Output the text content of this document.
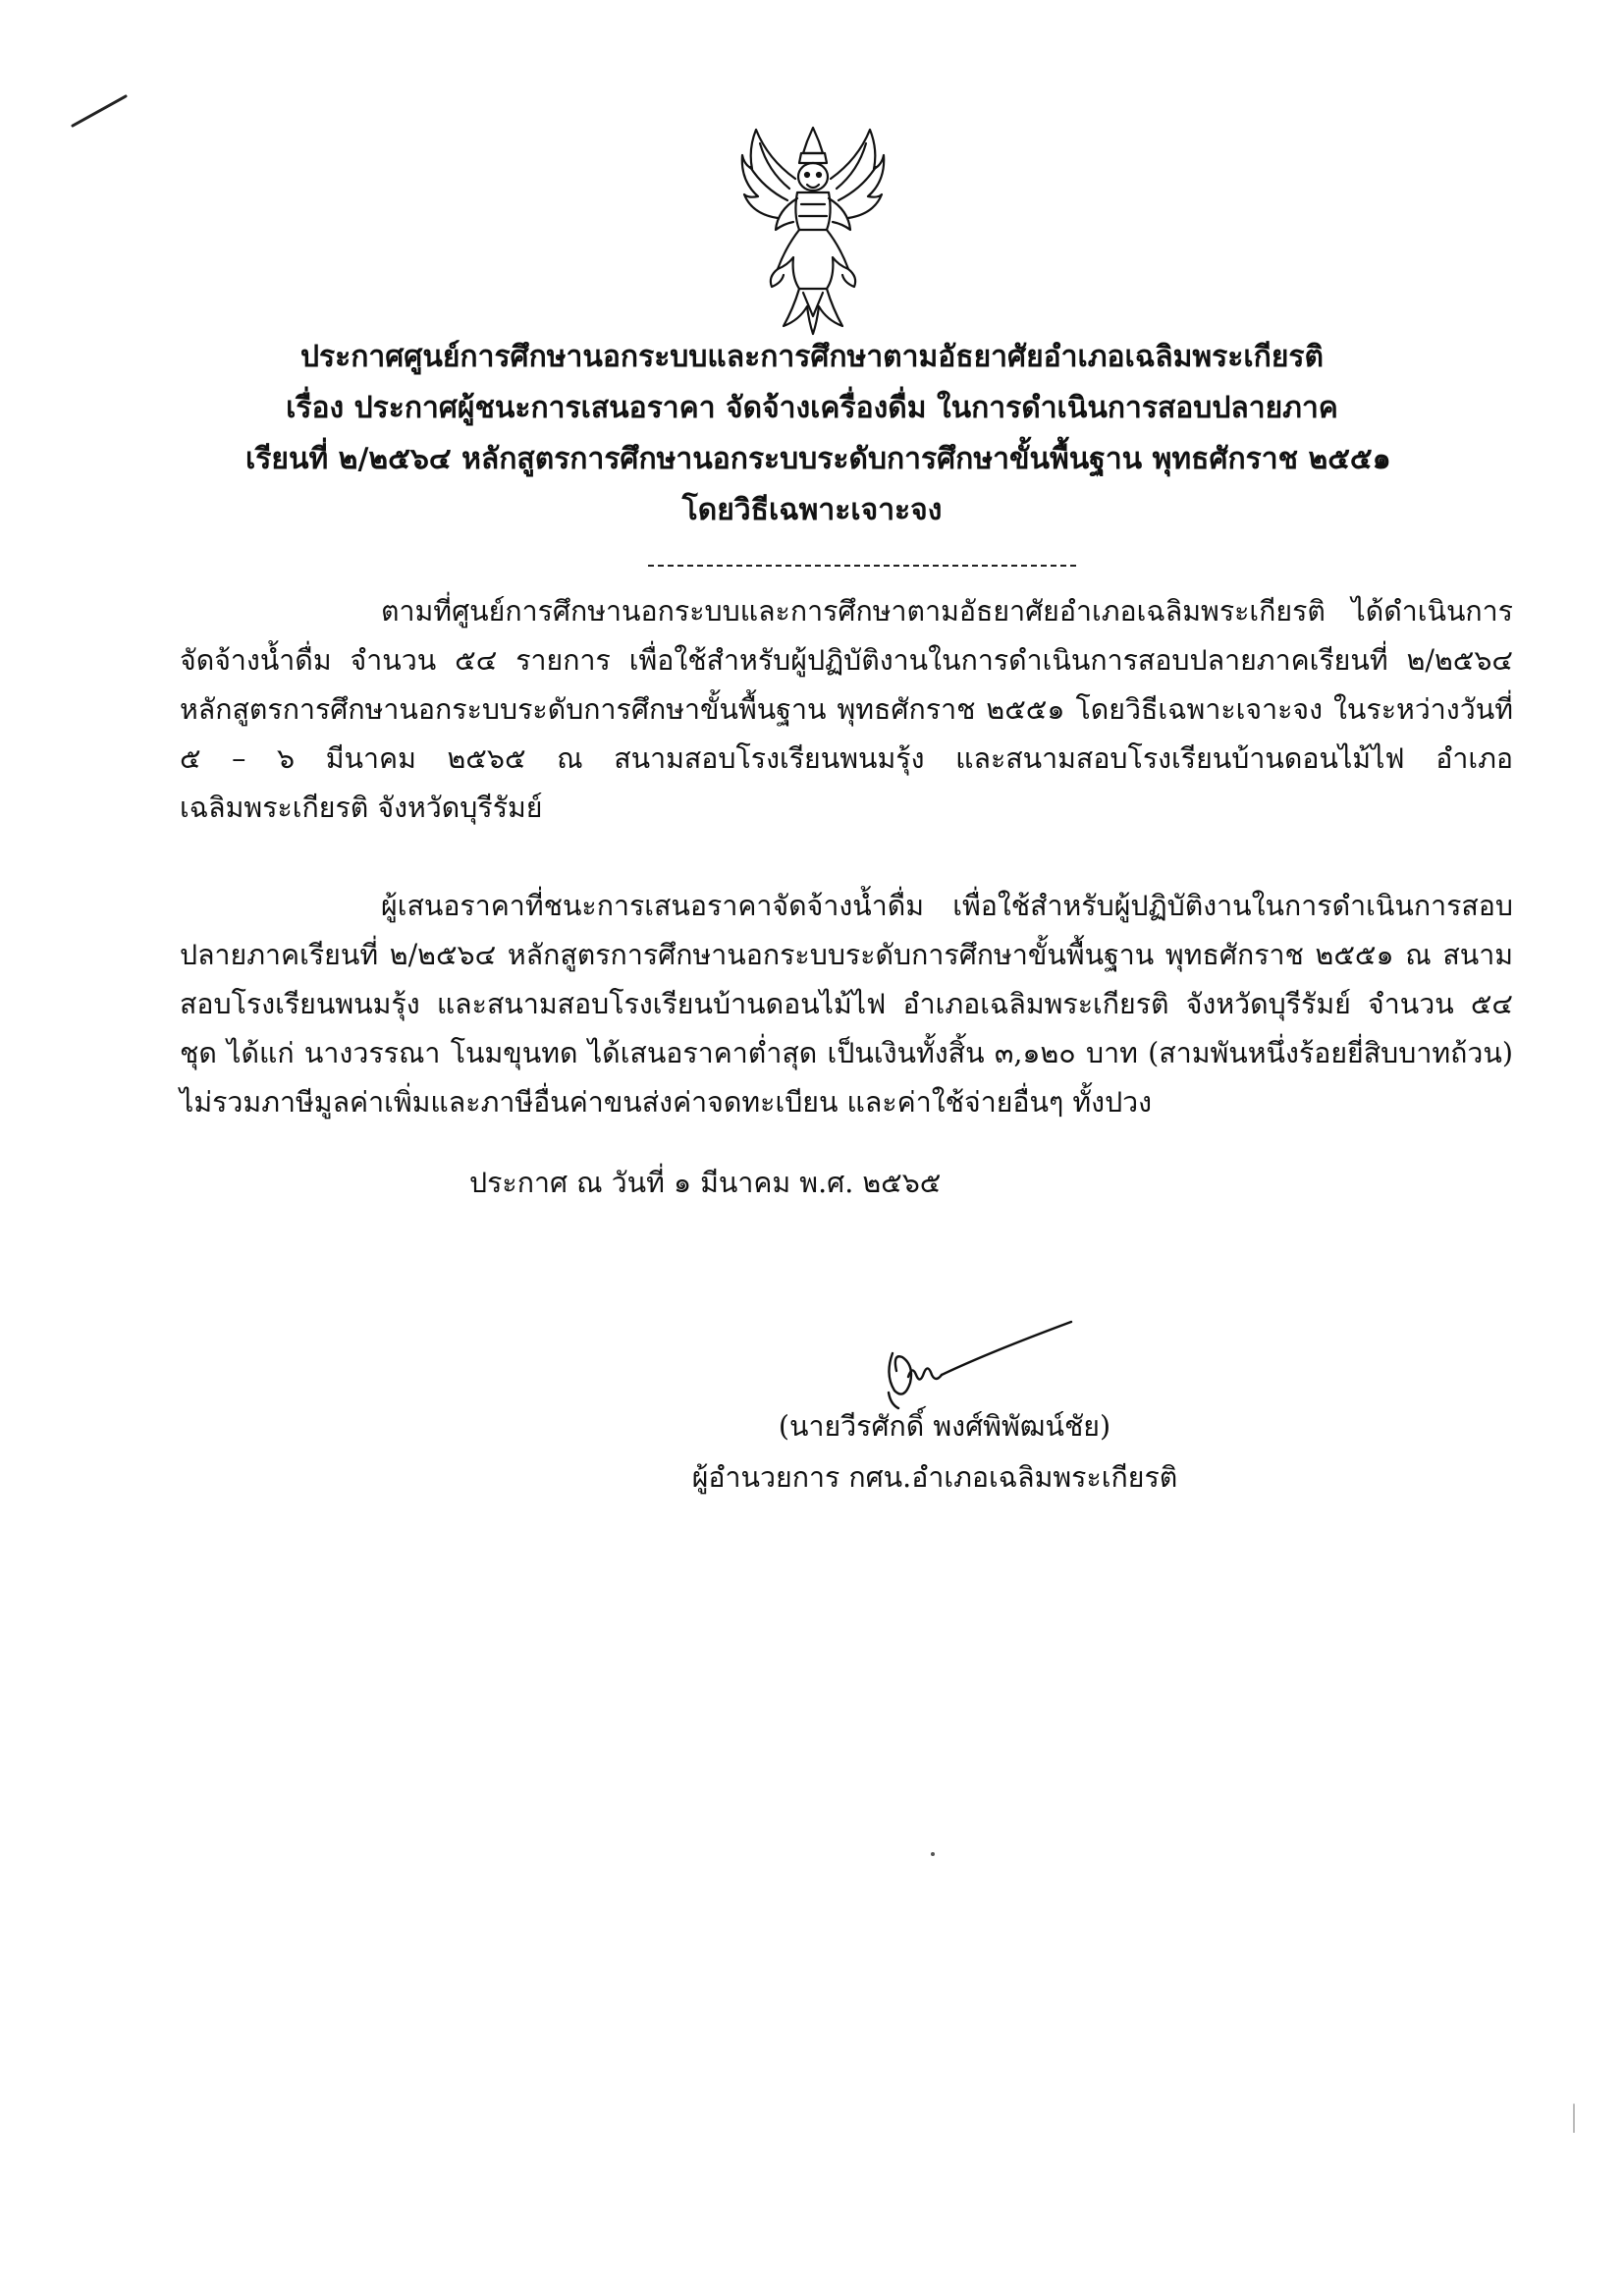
ประกาศศูนย์การศึกษานอกระบบและการศึกษาตามอัธยาศัยอำเภอเฉลิมพระเกียรติ
เรื่อง ประกาศผู้ชนะการเสนอราคา จัดจ้างเครื่องดื่ม ในการดำเนินการสอบปลายภาค
เรียนที่ ๒/๒๕๖๔ หลักสูตรการศึกษานอกระบบระดับการศึกษาขั้นพื้นฐาน พุทธศักราช ๒๕๕๑
โดยวิธีเฉพาะเจาะจง
ตามที่ศูนย์การศึกษานอกระบบและการศึกษาตามอัธยาศัยอำเภอเฉลิมพระเกียรติ ได้ดำเนินการจัดจ้างน้ำดื่ม จำนวน ๕๔ รายการ เพื่อใช้สำหรับผู้ปฏิบัติงานในการดำเนินการสอบปลายภาคเรียนที่ ๒/๒๕๖๔ หลักสูตรการศึกษานอกระบบระดับการศึกษาขั้นพื้นฐาน พุทธศักราช ๒๕๕๑ โดยวิธีเฉพาะเจาะจง ในระหว่างวันที่ ๕ – ๖ มีนาคม ๒๕๖๕ ณ สนามสอบโรงเรียนพนมรุ้ง และสนามสอบโรงเรียนบ้านดอนไม้ไฟ อำเภอเฉลิมพระเกียรติ จังหวัดบุรีรัมย์
ผู้เสนอราคาที่ชนะการเสนอราคาจัดจ้างน้ำดื่ม เพื่อใช้สำหรับผู้ปฏิบัติงานในการดำเนินการสอบปลายภาคเรียนที่ ๒/๒๕๖๔ หลักสูตรการศึกษานอกระบบระดับการศึกษาขั้นพื้นฐาน พุทธศักราช ๒๕๕๑ ณ สนามสอบโรงเรียนพนมรุ้ง และสนามสอบโรงเรียนบ้านดอนไม้ไฟ อำเภอเฉลิมพระเกียรติ จังหวัดบุรีรัมย์ จำนวน ๕๔ ชุด ได้แก่ นางวรรณา โนมขุนทด ได้เสนอราคาต่ำสุด เป็นเงินทั้งสิ้น ๓,๑๒๐ บาท (สามพันหนึ่งร้อยยี่สิบบาทถ้วน) ไม่รวมภาษีมูลค่าเพิ่มและภาษีอื่นค่าขนส่งค่าจดทะเบียน และค่าใช้จ่ายอื่นๆ ทั้งปวง
ประกาศ ณ วันที่ ๑ มีนาคม พ.ศ. ๒๕๖๕
(นายวีรศักดิ์ พงศ์พิพัฒน์ชัย)
ผู้อำนวยการ กศน.อำเภอเฉลิมพระเกียรติ
